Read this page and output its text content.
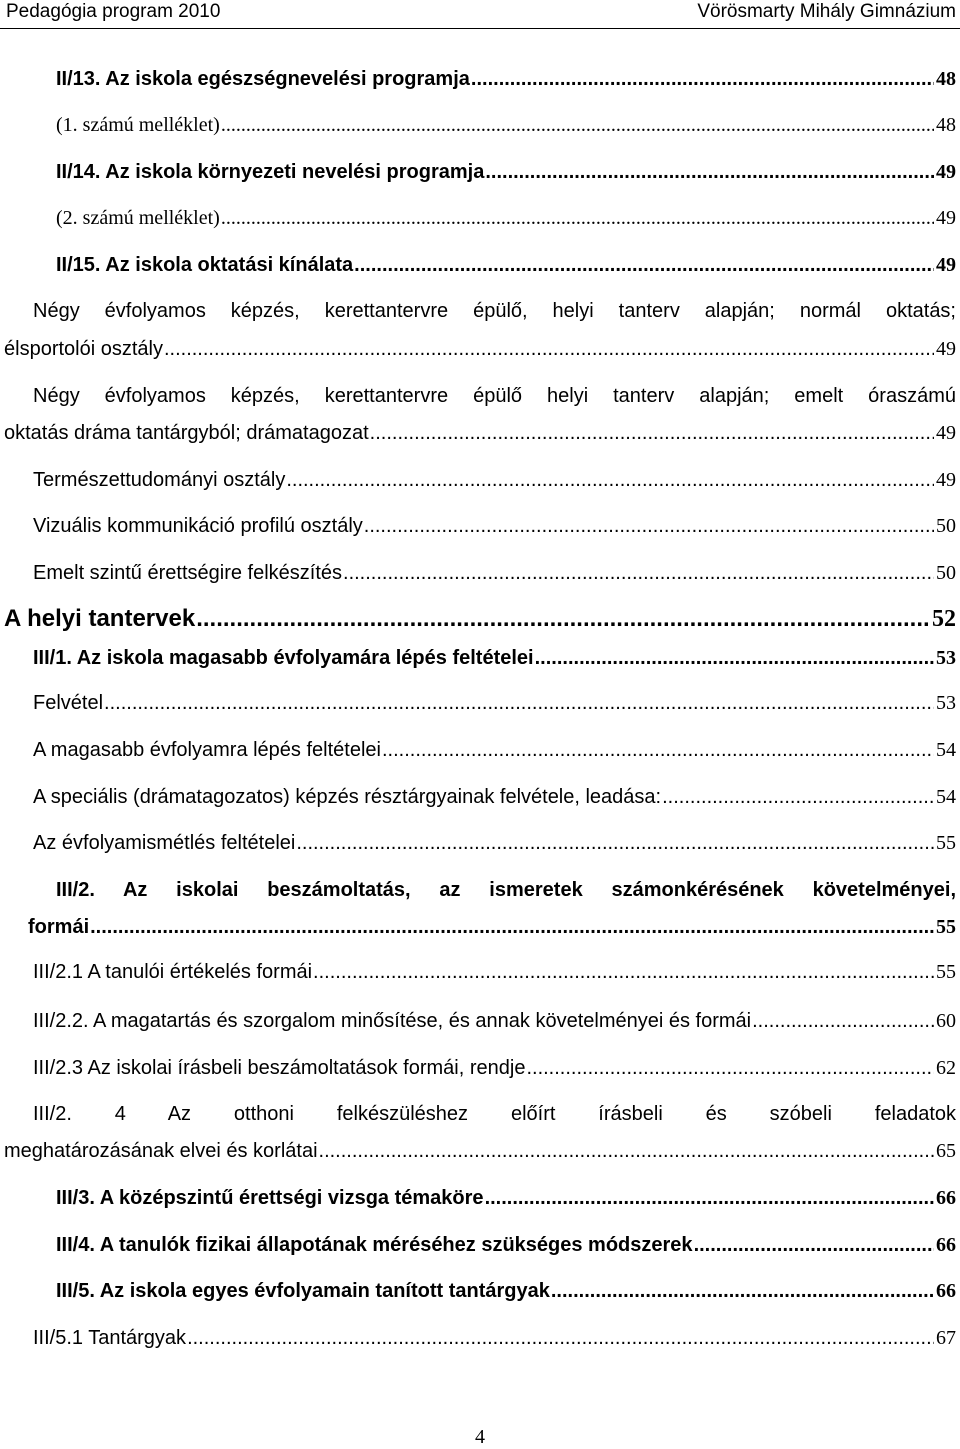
Pedagógia program 2010	Vörösmarty Mihály Gimnázium
II/13. Az iskola egészségnevelési programja .....	48
(1. számú melléklet) .....	48
II/14. Az iskola környezeti nevelési programja .....	49
(2. számú melléklet) .....	49
II/15. Az iskola oktatási kínálata .....	49
Négy évfolyamos képzés, kerettantervre épülő, helyi tanterv alapján; normál oktatás;
élsportolói osztály .....	49
Négy évfolyamos képzés, kerettantervre épülő helyi tanterv alapján; emelt óraszámú
oktatás dráma tantárgyból; drámatagozat .....	49
Természettudományi osztály .....	49
Vizuális kommunikáció profilú osztály .....	50
Emelt szintű érettségire felkészítés .....	50
A helyi tantervek .....	52
III/1. Az iskola magasabb évfolyamára lépés feltételei .....	53
Felvétel .....	53
A magasabb évfolyamra lépés feltételei .....	54
A speciális (drámatagozatos) képzés résztárgyainak felvétele, leadása: .....	54
Az évfolyamismétlés feltételei .....	55
III/2. Az iskolai beszámoltatás, az ismeretek számonkérésének követelményei,
formái .....	55
III/2.1 A tanulói értékelés formái .....	55
III/2.2. A magatartás és szorgalom minősítése, és annak követelményei és formái .....	60
III/2.3 Az iskolai írásbeli beszámoltatások formái, rendje .....	62
III/2. 4 Az otthoni felkészüléshez előírt írásbeli és szóbeli feladatok
meghatározásának elvei és korlátai .....	65
III/3. A középszintű érettségi vizsga témaköre .....	66
III/4. A tanulók fizikai állapotának méréséhez szükséges módszerek .....	66
III/5. Az iskola egyes évfolyamain tanított tantárgyak .....	66
III/5.1 Tantárgyak .....	67
4
